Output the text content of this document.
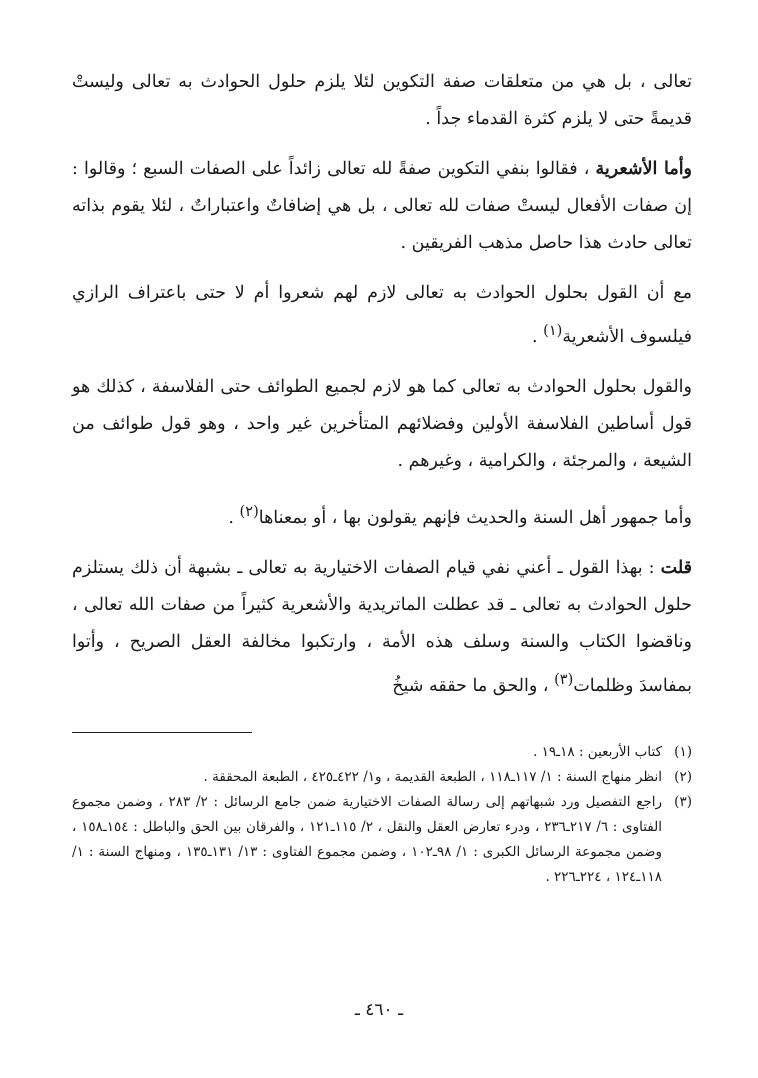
تعالى ، بل هي من متعلقات صفة التكوين لئلا يلزم حلول الحوادث به تعالى وليستْ قديمةً حتى لا يلزم كثرة القدماء جداً .

وأما الأشعرية ، فقالوا بنفي التكوين صفةً لله تعالى زائداً على الصفات السبع ؛ وقالوا : إن صفات الأفعال ليستْ صفات لله تعالى ، بل هي إضافاتٌ واعتباراتٌ ، لئلا يقوم بذاته تعالى حادث هذا حاصل مذهب الفريقين .

مع أن القول بحلول الحوادث به تعالى لازم لهم شعروا أم لا حتى باعتراف الرازي فيلسوف الأشعرية$^{(١)}$ .

والقول بحلول الحوادث به تعالى كما هو لازم لجميع الطوائف حتى الفلاسفة ، كذلك هو قول أساطين الفلاسفة الأولين وفضلائهم المتأخرين غير واحد ، وهو قول طوائف من الشيعة ، والمرجئة ، والكرامية ، وغيرهم .

وأما جمهور أهل السنة والحديث فإنهم يقولون بها ، أو بمعناها$^{(٢)}$ .

قلت : بهذا القول ـ أعني نفي قيام الصفات الاختيارية به تعالى ـ بشبهة أن ذلك يستلزم حلول الحوادث به تعالى ـ قد عطلت الماتريدية والأشعرية كثيراً من صفات الله تعالى ، وناقضوا الكتاب والسنة وسلف هذه الأمة ، وارتكبوا مخالفة العقل الصريح ، وأتوا بمفاسدَ وظلمات$^{(٣)}$ ، والحق ما حققه شيخُ

(١)
كتاب الأربعين : ١٨ـ١٩ .
(٢)
انظر منهاج السنة : ١/ ١١٧ـ١١٨ ، الطبعة القديمة ، و١/ ٤٢٢ـ٤٢٥ ، الطبعة المحققة .
(٣)
راجع التفصيل ورد شبهاتهم إلى رسالة الصفات الاختيارية ضمن جامع الرسائل : ٢/ ٢٨٣ ، وضمن مجموع الفتاوى : ٦/ ٢١٧ـ٢٣٦ ، ودرء تعارض العقل والنقل ، ٢/ ١١٥ـ١٢١ ، والفرقان بين الحق والباطل : ١٥٤ـ١٥٨ ، وضمن مجموعة الرسائل الكبرى : ١/ ٩٨ـ١٠٢ ، وضمن مجموع الفتاوى : ١٣/ ١٣١ـ١٣٥ ، ومنهاج السنة : ١/ ١١٨ـ١٢٤ ، ٢٢٤ـ٢٢٦ .
ـ ٤٦٠ ـ
